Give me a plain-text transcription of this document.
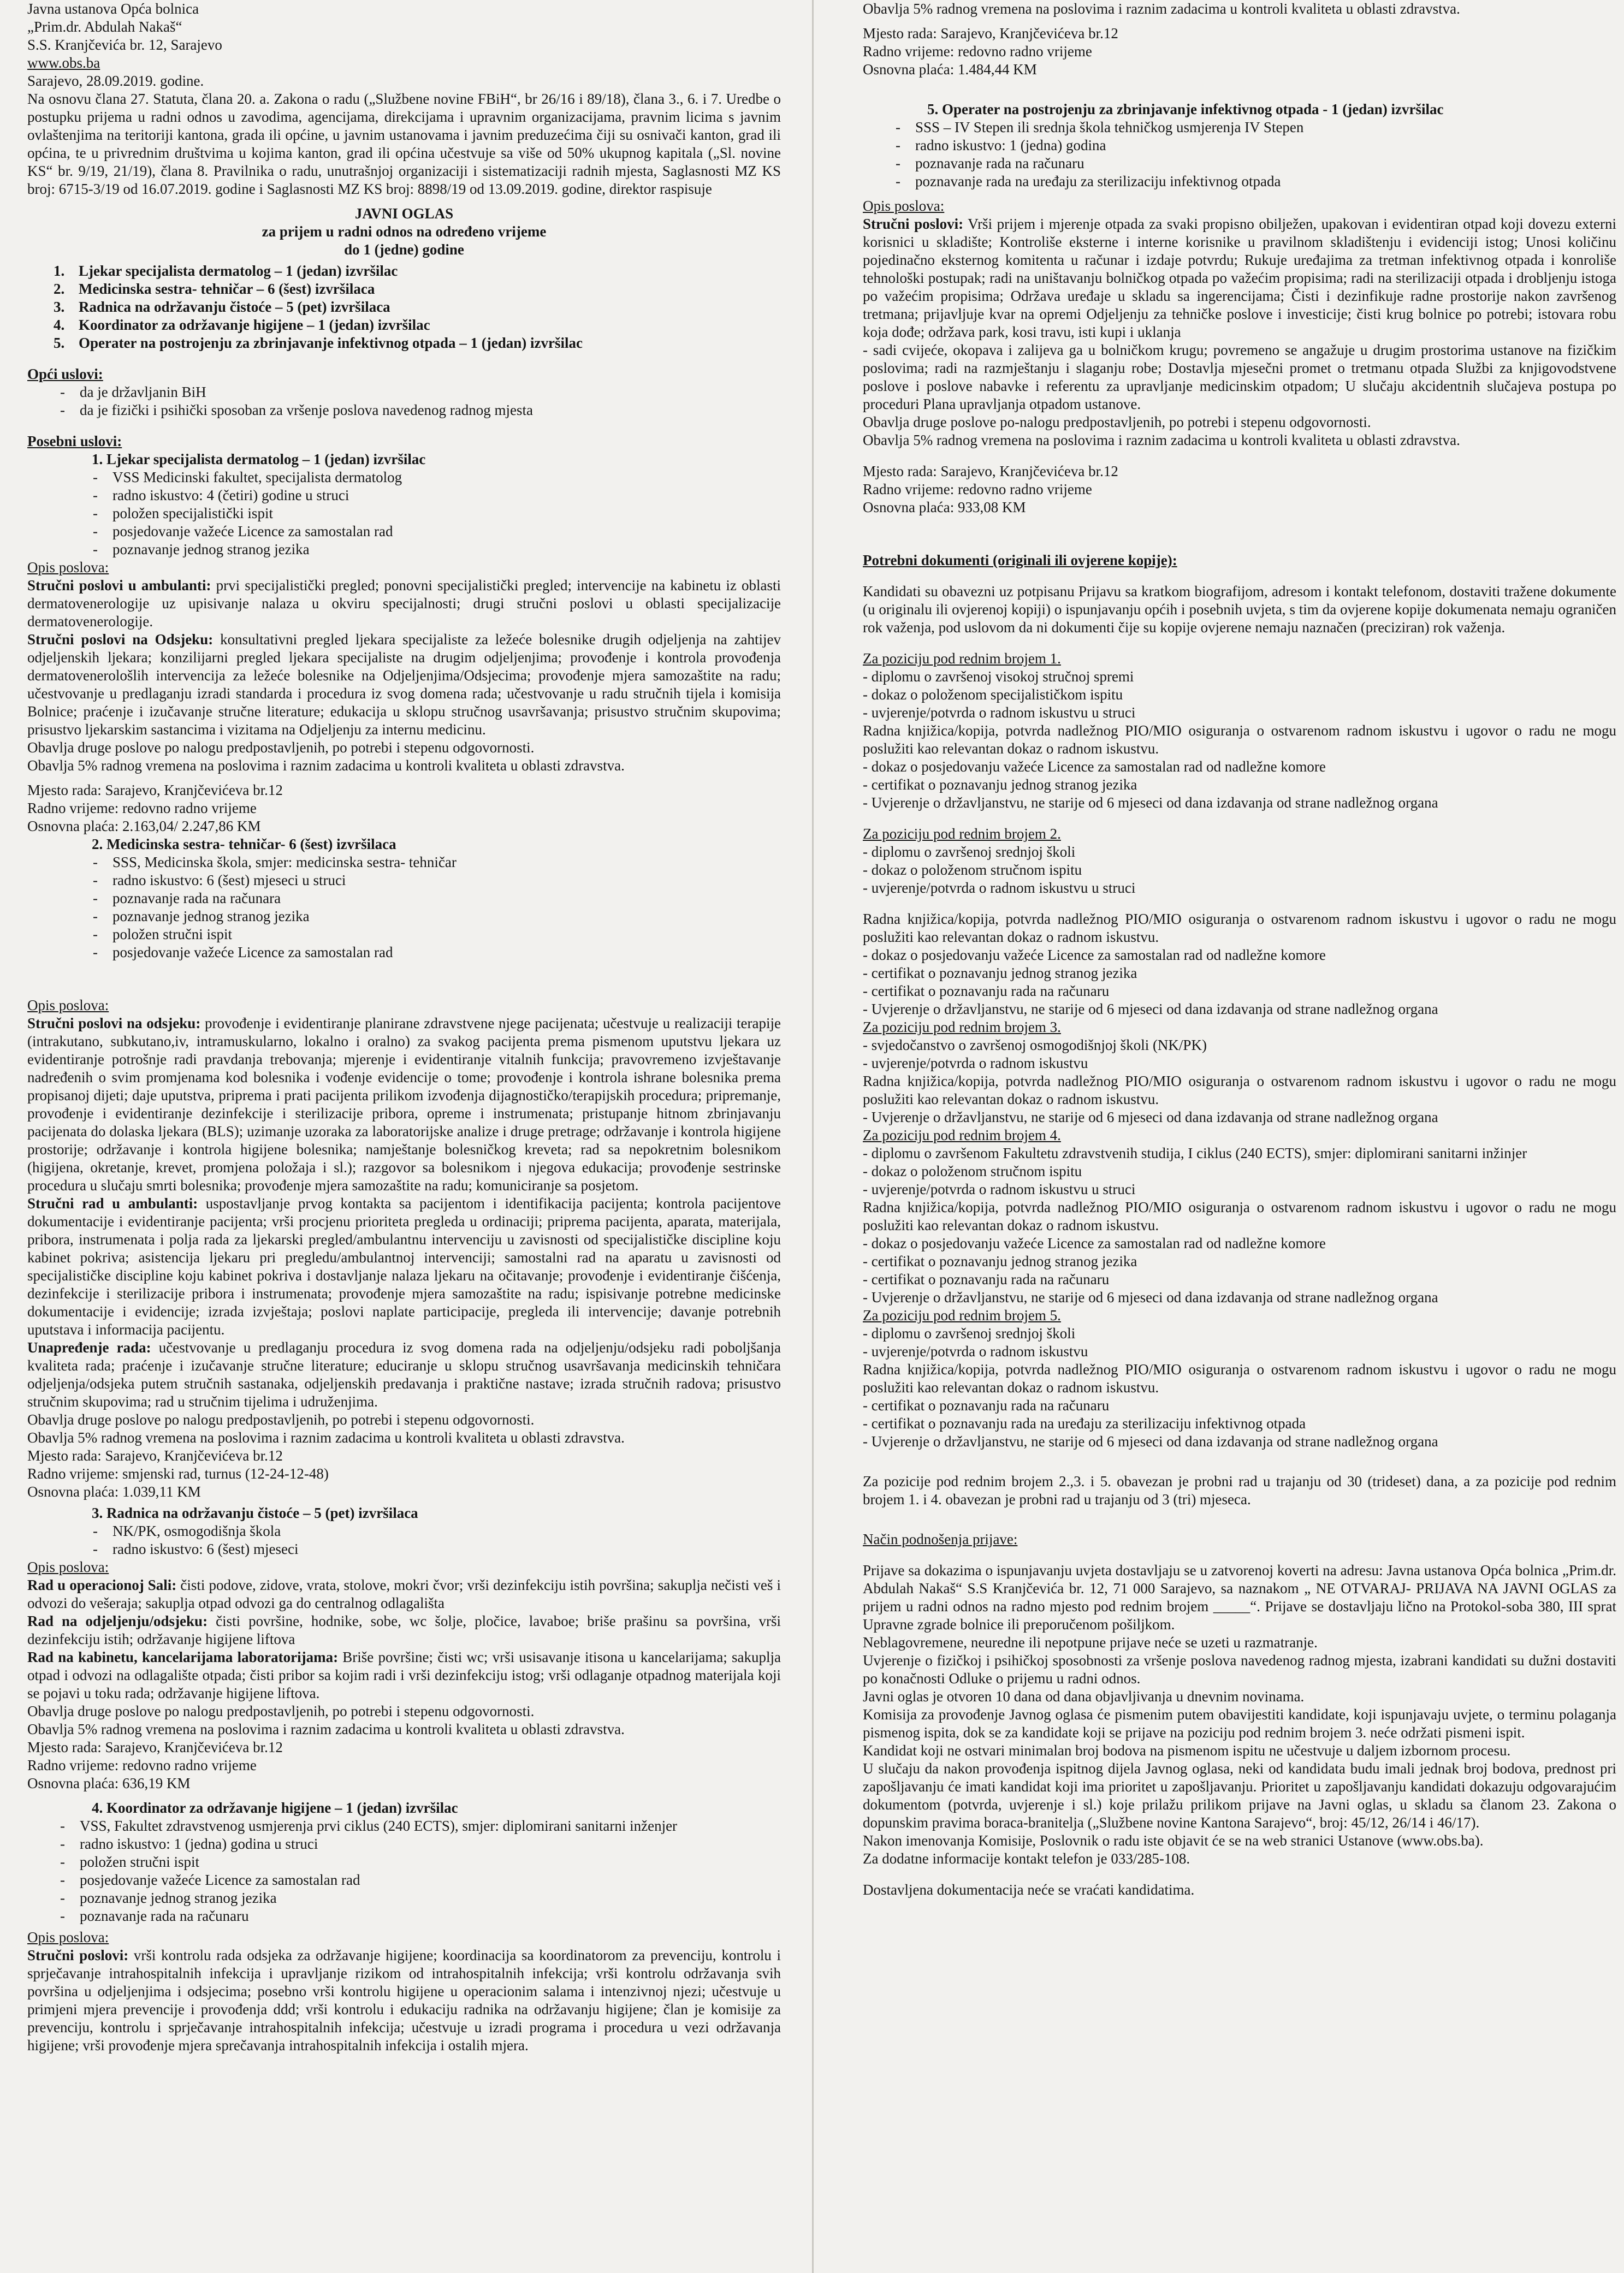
Javna ustanova Opća bolnica

„Prim.dr. Abdulah Nakaš“

S.S. Kranjčevića br. 12, Sarajevo

www.obs.ba

Sarajevo, 28.09.2019. godine.

Na osnovu člana 27. Statuta, člana 20. a. Zakona o radu („Službene novine FBiH“, br 26/16 i 89/18), člana 3., 6. i 7. Uredbe o postupku prijema u radni odnos u zavodima, agencijama, direkcijama i upravnim organizacijama, pravnim licima s javnim ovlaštenjima na teritoriji kantona, grada ili općine, u javnim ustanovama i javnim preduzećima čiji su osnivači kanton, grad ili općina, te u privrednim društvima u kojima kanton, grad ili općina učestvuje sa više od 50% ukupnog kapitala („Sl. novine KS“ br. 9/19, 21/19), člana 8. Pravilnika o radu, unutrašnjoj organizaciji i sistematizaciji radnih mjesta, Saglasnosti MZ KS broj: 6715-3/19 od 16.07.2019. godine i Saglasnosti MZ KS broj: 8898/19 od 13.09.2019. godine, direktor raspisuje

JAVNI OGLAS

za prijem u radni odnos na određeno vrijeme

do 1 (jedne) godine

1. Ljekar specijalista dermatolog – 1 (jedan) izvršilac

2. Medicinska sestra- tehničar – 6 (šest) izvršilaca

3. Radnica na održavanju čistoće – 5 (pet) izvršilaca

4. Koordinator za održavanje higijene – 1 (jedan) izvršilac

5. Operater na postrojenju za zbrinjavanje infektivnog otpada – 1 (jedan) izvršilac

Opći uslovi:

- da je državljanin BiH
- da je fizički i psihički sposoban za vršenje poslova navedenog radnog mjesta

Posebni uslovi:

1. Ljekar specijalista dermatolog – 1 (jedan) izvršilac

- VSS Medicinski fakultet, specijalista dermatolog
- radno iskustvo: 4 (četiri) godine u struci
- položen specijalistički ispit
- posjedovanje važeće Licence za samostalan rad
- poznavanje jednog stranog jezika

Opis poslova:

Stručni poslovi u ambulanti: prvi specijalistički pregled; ponovni specijalistički pregled; intervencije na kabinetu iz oblasti dermatovenerologije uz upisivanje nalaza u okviru specijalnosti; drugi stručni poslovi u oblasti specijalizacije dermatovenerologije.

Stručni poslovi na Odsjeku: konsultativni pregled ljekara specijaliste za ležeće bolesnike drugih odjeljenja na zahtijev odjeljenskih ljekara; konzilijarni pregled ljekara specijaliste na drugim odjeljenjima; provođenje i kontrola provođenja dermatovenerološlih intervencija za ležeće bolesnike na Odjeljenjima/Odsjecima; provođenje mjera samozaštite na radu; učestvovanje u predlaganju izradi standarda i procedura iz svog domena rada; učestvovanje u radu stručnih tijela i komisija Bolnice; praćenje i izučavanje stručne literature; edukacija u sklopu stručnog usavršavanja; prisustvo stručnim skupovima; prisustvo ljekarskim sastancima i vizitama na Odjeljenju za internu medicinu.

Obavlja druge poslove po nalogu predpostavljenih, po potrebi i stepenu odgovornosti.

Obavlja 5% radnog vremena na poslovima i raznim zadacima u kontroli kvaliteta u oblasti zdravstva.

Mjesto rada: Sarajevo, Kranjčevićeva br.12

Radno vrijeme: redovno radno vrijeme

Osnovna plaća: 2.163,04/ 2.247,86 KM

2. Medicinska sestra- tehničar- 6 (šest) izvršilaca

- SSS, Medicinska škola, smjer: medicinska sestra- tehničar
- radno iskustvo: 6 (šest) mjeseci u struci
- poznavanje rada na računara
- poznavanje jednog stranog jezika
- položen stručni ispit
- posjedovanje važeće Licence za samostalan rad

Opis poslova:

Stručni poslovi na odsjeku: provođenje i evidentiranje planirane zdravstvene njege pacijenata; učestvuje u realizaciji terapije (intrakutano, subkutano,iv, intramuskularno, lokalno i oralno) za svakog pacijenta prema pismenom uputstvu ljekara uz evidentiranje potrošnje radi pravdanja trebovanja; mjerenje i evidentiranje vitalnih funkcija; pravovremeno izvještavanje nadređenih o svim promjenama kod bolesnika i vođenje evidencije o tome; provođenje i kontrola ishrane bolesnika prema propisanoj dijeti; daje uputstva, priprema i prati pacijenta prilikom izvođenja dijagnostičko/terapijskih procedura; pripremanje, provođenje i evidentiranje dezinfekcije i sterilizacije pribora, opreme i instrumenata; pristupanje hitnom zbrinjavanju pacijenata do dolaska ljekara (BLS); uzimanje uzoraka za laboratorijske analize i druge pretrage; održavanje i kontrola higijene prostorije; održavanje i kontrola higijene bolesnika; namještanje bolesničkog kreveta; rad sa nepokretnim bolesnikom (higijena, okretanje, krevet, promjena položaja i sl.); razgovor sa bolesnikom i njegova edukacija; provođenje sestrinske procedura u slučaju smrti bolesnika; provođenje mjera samozaštite na radu; komuniciranje sa posjetom.

Stručni rad u ambulanti: uspostavljanje prvog kontakta sa pacijentom i identifikacija pacijenta; kontrola pacijentove dokumentacije i evidentiranje pacijenta; vrši procjenu prioriteta pregleda u ordinaciji; priprema pacijenta, aparata, materijala, pribora, instrumenata i polja rada za ljekarski pregled/ambulantnu intervenciju u zavisnosti od specijalističke discipline koju kabinet pokriva; asistencija ljekaru pri pregledu/ambulantnoj intervenciji; samostalni rad na aparatu u zavisnosti od specijalističke discipline koju kabinet pokriva i dostavljanje nalaza ljekaru na očitavanje; provođenje i evidentiranje čišćenja, dezinfekcije i sterilizacije pribora i instrumenata; provođenje mjera samozaštite na radu; ispisivanje potrebne medicinske dokumentacije i evidencije; izrada izvještaja; poslovi naplate participacije, pregleda ili intervencije; davanje potrebnih uputstava i informacija pacijentu.

Unapređenje rada: učestvovanje u predlaganju procedura iz svog domena rada na odjeljenju/odsjeku radi poboljšanja kvaliteta rada; praćenje i izučavanje stručne literature; educiranje u sklopu stručnog usavršavanja medicinskih tehničara odjeljenja/odsjeka putem stručnih sastanaka, odjeljenskih predavanja i praktične nastave; izrada stručnih radova; prisustvo stručnim skupovima; rad u stručnim tijelima i udruženjima.

Obavlja druge poslove po nalogu predpostavljenih, po potrebi i stepenu odgovornosti.

Obavlja 5% radnog vremena na poslovima i raznim zadacima u kontroli kvaliteta u oblasti zdravstva.

Mjesto rada: Sarajevo, Kranjčevićeva br.12

Radno vrijeme: smjenski rad, turnus (12-24-12-48)

Osnovna plaća: 1.039,11 KM

3. Radnica na održavanju čistoće – 5 (pet) izvršilaca

- NK/PK, osmogodišnja škola
- radno iskustvo: 6 (šest) mjeseci

Opis poslova:

Rad u operacionoj Sali: čisti podove, zidove, vrata, stolove, mokri čvor; vrši dezinfekciju istih površina; sakuplja nečisti veš i odvozi do vešeraja; sakuplja otpad odvozi ga do centralnog odlagališta

Rad na odjeljenju/odsjeku: čisti površine, hodnike, sobe, wc šolje, pločice, lavaboe; briše prašinu sa površina, vrši dezinfekciju istih; održavanje higijene liftova

Rad na kabinetu, kancelarijama laboratorijama: Briše površine; čisti wc; vrši usisavanje itisona u kancelarijama; sakuplja otpad i odvozi na odlagalište otpada; čisti pribor sa kojim radi i vrši dezinfekciju istog; vrši odlaganje otpadnog materijala koji se pojavi u toku rada; održavanje higijene liftova.

Obavlja druge poslove po nalogu predpostavljenih, po potrebi i stepenu odgovornosti.

Obavlja 5% radnog vremena na poslovima i raznim zadacima u kontroli kvaliteta u oblasti zdravstva.

Mjesto rada: Sarajevo, Kranjčevićeva br.12

Radno vrijeme: redovno radno vrijeme

Osnovna plaća: 636,19 KM

4. Koordinator za održavanje higijene – 1 (jedan) izvršilac

- VSS, Fakultet zdravstvenog usmjerenja prvi ciklus (240 ECTS), smjer: diplomirani sanitarni inženjer
- radno iskustvo: 1 (jedna) godina u struci
- položen stručni ispit
- posjedovanje važeće Licence za samostalan rad
- poznavanje jednog stranog jezika
- poznavanje rada na računaru

Opis poslova:

Stručni poslovi: vrši kontrolu rada odsjeka za održavanje higijene; koordinacija sa koordinatorom za prevenciju, kontrolu i sprječavanje intrahospitalnih infekcija i upravljanje rizikom od intrahospitalnih infekcija; vrši kontrolu održavanja svih površina u odjeljenjima i odsjecima; posebno vrši kontrolu higijene u operacionim salama i intenzivnoj njezi; učestvuje u primjeni mjera prevencije i provođenja ddd; vrši kontrolu i edukaciju radnika na održavanju higijene; član je komisije za prevenciju, kontrolu i sprječavanje intrahospitalnih infekcija; učestvuje u izradi programa i procedura u vezi održavanja higijene; vrši provođenje mjera sprečavanja intrahospitalnih infekcija i ostalih mjera.

Obavlja 5% radnog vremena na poslovima i raznim zadacima u kontroli kvaliteta u oblasti zdravstva.

Mjesto rada: Sarajevo, Kranjčevićeva br.12

Radno vrijeme: redovno radno vrijeme

Osnovna plaća: 1.484,44 KM

5. Operater na postrojenju za zbrinjavanje infektivnog otpada - 1 (jedan) izvršilac

- SSS – IV Stepen ili srednja škola tehničkog usmjerenja IV Stepen
- radno iskustvo: 1 (jedna) godina
- poznavanje rada na računaru
- poznavanje rada na uređaju za sterilizaciju infektivnog otpada

Opis poslova:

Stručni poslovi: Vrši prijem i mjerenje otpada za svaki propisno obilježen, upakovan i evidentiran otpad koji dovezu externi korisnici u skladište; Kontroliše eksterne i interne korisnike u pravilnom skladištenju i evidenciji istog; Unosi količinu pojedinačno eksternog komitenta u računar i izdaje potvrdu; Rukuje uređajima za tretman infektivnog otpada i konroliše tehnološki postupak; radi na uništavanju bolničkog otpada po važećim propisima; radi na sterilizaciji otpada i drobljenju istoga po važećim propisima; Održava uređaje u skladu sa ingerencijama; Čisti i dezinfikuje radne prostorije nakon završenog tretmana; prijavljuje kvar na opremi Odjeljenju za tehničke poslove i investicije; čisti krug bolnice po potrebi; istovara robu koja dođe; održava park, kosi travu, isti kupi i uklanja

- sadi cvijeće, okopava i zalijeva ga u bolničkom krugu; povremeno se angažuje u drugim prostorima ustanove na fizičkim poslovima; radi na razmještanju i slaganju robe; Dostavlja mjesečni promet o tretmanu otpada Službi za knjigovodstvene poslove i poslove nabavke i referentu za upravljanje medicinskim otpadom; U slučaju akcidentnih slučajeva postupa po proceduri Plana upravljanja otpadom ustanove.

Obavlja druge poslove po-nalogu predpostavljenih, po potrebi i stepenu odgovornosti.

Obavlja 5% radnog vremena na poslovima i raznim zadacima u kontroli kvaliteta u oblasti zdravstva.

Mjesto rada: Sarajevo, Kranjčevićeva br.12

Radno vrijeme: redovno radno vrijeme

Osnovna plaća: 933,08 KM

Potrebni dokumenti (originali ili ovjerene kopije):

Kandidati su obavezni uz potpisanu Prijavu sa kratkom biografijom, adresom i kontakt telefonom, dostaviti tražene dokumente (u originalu ili ovjerenoj kopiji) o ispunjavanju općih i posebnih uvjeta, s tim da ovjerene kopije dokumenata nemaju ograničen rok važenja, pod uslovom da ni dokumenti čije su kopije ovjerene nemaju naznačen (preciziran) rok važenja.

Za poziciju pod rednim brojem 1.

- diplomu o završenoj visokoj stručnoj spremi
- dokaz o položenom specijalističkom ispitu
- uvjerenje/potvrda o radnom iskustvu u struci
Radna knjižica/kopija, potvrda nadležnog PIO/MIO osiguranja o ostvarenom radnom iskustvu i ugovor o radu ne mogu poslužiti kao relevantan dokaz o radnom iskustvu.
- dokaz o posjedovanju važeće Licence za samostalan rad od nadležne komore
- certifikat o poznavanju jednog stranog jezika
- Uvjerenje o državljanstvu, ne starije od 6 mjeseci od dana izdavanja od strane nadležnog organa

Za poziciju pod rednim brojem 2.

- diplomu o završenoj srednjoj školi
- dokaz o položenom stručnom ispitu
- uvjerenje/potvrda o radnom iskustvu u struci
Radna knjižica/kopija, potvrda nadležnog PIO/MIO osiguranja o ostvarenom radnom iskustvu i ugovor o radu ne mogu poslužiti kao relevantan dokaz o radnom iskustvu.
- dokaz o posjedovanju važeće Licence za samostalan rad od nadležne komore
- certifikat o poznavanju jednog stranog jezika
- certifikat o poznavanju rada na računaru
- Uvjerenje o državljanstvu, ne starije od 6 mjeseci od dana izdavanja od strane nadležnog organa

Za poziciju pod rednim brojem 3.

- svjedočanstvo o završenoj osmogodišnjoj školi (NK/PK)
- uvjerenje/potvrda o radnom iskustvu
Radna knjižica/kopija, potvrda nadležnog PIO/MIO osiguranja o ostvarenom radnom iskustvu i ugovor o radu ne mogu poslužiti kao relevantan dokaz o radnom iskustvu.
- Uvjerenje o državljanstvu, ne starije od 6 mjeseci od dana izdavanja od strane nadležnog organa

Za poziciju pod rednim brojem 4.

- diplomu o završenom Fakultetu zdravstvenih studija, I ciklus (240 ECTS), smjer: diplomirani sanitarni inžinjer
- dokaz o položenom stručnom ispitu
- uvjerenje/potvrda o radnom iskustvu u struci
Radna knjižica/kopija, potvrda nadležnog PIO/MIO osiguranja o ostvarenom radnom iskustvu i ugovor o radu ne mogu poslužiti kao relevantan dokaz o radnom iskustvu.
- dokaz o posjedovanju važeće Licence za samostalan rad od nadležne komore
- certifikat o poznavanju jednog stranog jezika
- certifikat o poznavanju rada na računaru
- Uvjerenje o državljanstvu, ne starije od 6 mjeseci od dana izdavanja od strane nadležnog organa

Za poziciju pod rednim brojem 5.

- diplomu o završenoj srednjoj školi
- uvjerenje/potvrda o radnom iskustvu
Radna knjižica/kopija, potvrda nadležnog PIO/MIO osiguranja o ostvarenom radnom iskustvu i ugovor o radu ne mogu poslužiti kao relevantan dokaz o radnom iskustvu.
- certifikat o poznavanju rada na računaru
- certifikat o poznavanju rada na uređaju za sterilizaciju infektivnog otpada
- Uvjerenje o državljanstvu, ne starije od 6 mjeseci od dana izdavanja od strane nadležnog organa

Za pozicije pod rednim brojem 2.,3. i 5. obavezan je probni rad u trajanju od 30 (trideset) dana, a za pozicije pod rednim brojem 1. i 4. obavezan je probni rad u trajanju od 3 (tri) mjeseca.

Način podnošenja prijave:

Prijave sa dokazima o ispunjavanju uvjeta dostavljaju se u zatvorenoj koverti na adresu: Javna ustanova Opća bolnica „Prim.dr. Abdulah Nakaš“ S.S Kranjčevića br. 12, 71 000 Sarajevo, sa naznakom „ NE OTVARAJ- PRIJAVA NA JAVNI OGLAS za prijem u radni odnos na radno mjesto pod rednim brojem _____“. Prijave se dostavljaju lično na Protokol-soba 380, III sprat Upravne zgrade bolnice ili preporučenom pošiljkom.

Neblagovremene, neuredne ili nepotpune prijave neće se uzeti u razmatranje.

Uvjerenje o fizičkoj i psihičkoj sposobnosti za vršenje poslova navedenog radnog mjesta, izabrani kandidati su dužni dostaviti po konačnosti Odluke o prijemu u radni odnos.

Javni oglas je otvoren 10 dana od dana objavljivanja u dnevnim novinama.

Komisija za provođenje Javnog oglasa će pismenim putem obavijestiti kandidate, koji ispunjavaju uvjete, o terminu polaganja pismenog ispita, dok se za kandidate koji se prijave na poziciju pod rednim brojem 3. neće održati pismeni ispit.

Kandidat koji ne ostvari minimalan broj bodova na pismenom ispitu ne učestvuje u daljem izbornom procesu.

U slučaju da nakon provođenja ispitnog dijela Javnog oglasa, neki od kandidata budu imali jednak broj bodova, prednost pri zapošljavanju će imati kandidat koji ima prioritet u zapošljavanju. Prioritet u zapošljavanju kandidati dokazuju odgovarajućim dokumentom (potvrda, uvjerenje i sl.) koje prilažu prilikom prijave na Javni oglas, u skladu sa članom 23. Zakona o dopunskim pravima boraca-branitelja („Službene novine Kantona Sarajevo“, broj: 45/12, 26/14 i 46/17).

Nakon imenovanja Komisije, Poslovnik o radu iste objavit će se na web stranici Ustanove (www.obs.ba).

Za dodatne informacije kontakt telefon je 033/285-108.

Dostavljena dokumentacija neće se vraćati kandidatima.
